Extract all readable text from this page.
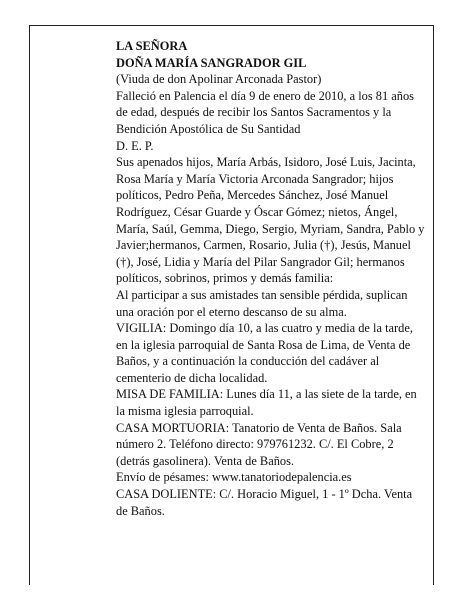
LA SEÑORA
DOÑA MARÍA SANGRADOR GIL

(Viuda de don Apolinar Arconada Pastor)

Falleció en Palencia el día 9 de enero de 2010, a los 81 años de edad, después de recibir los Santos Sacramentos y la Bendición Apostólica de Su Santidad

D. E. P.

Sus apenados hijos, María Arbás, Isidoro, José Luis, Jacinta, Rosa María y María Victoria Arconada Sangrador; hijos políticos, Pedro Peña, Mercedes Sánchez, José Manuel Rodríguez, César Guarde y Óscar Gómez; nietos, Ángel, María, Saúl, Gemma, Diego, Sergio, Myriam, Sandra, Pablo y Javier;hermanos, Carmen, Rosario, Julia (†), Jesús, Manuel (†), José, Lidia y María del Pilar Sangrador Gil; hermanos políticos, sobrinos, primos y demás familia:

Al participar a sus amistades tan sensible pérdida, suplican una oración por el eterno descanso de su alma.

VIGILIA: Domingo día 10, a las cuatro y media de la tarde, en la iglesia parroquial de Santa Rosa de Lima, de Venta de Baños, y a continuación la conducción del cadáver al cementerio de dicha localidad.

MISA DE FAMILIA: Lunes día 11, a las siete de la tarde, en la misma iglesia parroquial.

CASA MORTUORIA: Tanatorio de Venta de Baños. Sala número 2. Teléfono directo: 979761232. C/. El Cobre, 2 (detrás gasolinera). Venta de Baños.

Envío de pésames: www.tanatoriodepalencia.es

CASA DOLIENTE: C/. Horacio Miguel, 1 - 1º Dcha. Venta de Baños.
